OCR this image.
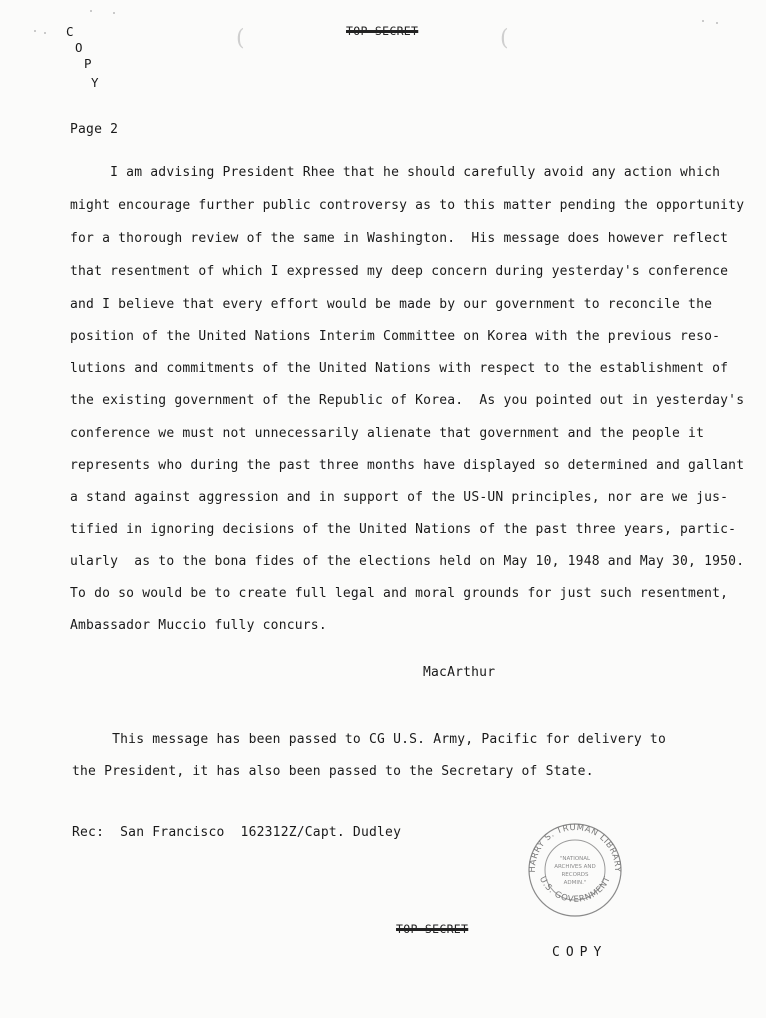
(	(
C
O
P
Y
TOP SECRET
Page 2
I am advising President Rhee that he should carefully avoid any action which
might encourage further public controversy as to this matter pending the opportunity
for a thorough review of the same in Washington.  His message does however reflect
that resentment of which I expressed my deep concern during yesterday's conference
and I believe that every effort would be made by our government to reconcile the
position of the United Nations Interim Committee on Korea with the previous reso-
lutions and commitments of the United Nations with respect to the establishment of
the existing government of the Republic of Korea.  As you pointed out in yesterday's
conference we must not unnecessarily alienate that government and the people it
represents who during the past three months have displayed so determined and gallant
a stand against aggression and in support of the US-UN principles, nor are we jus-
tified in ignoring decisions of the United Nations of the past three years, partic-
ularly  as to the bona fides of the elections held on May 10, 1948 and May 30, 1950.
To do so would be to create full legal and moral grounds for just such resentment,
Ambassador Muccio fully concurs.
MacArthur
This message has been passed to CG U.S. Army, Pacific for delivery to
the President, it has also been passed to the Secretary of State.
Rec:  San Francisco  162312Z/Capt. Dudley
HARRY S. TRUMAN LIBRARY
U.S. GOVERNMENT
"NATIONAL
ARCHIVES AND
RECORDS
ADMIN."
TOP SECRET
COPY
